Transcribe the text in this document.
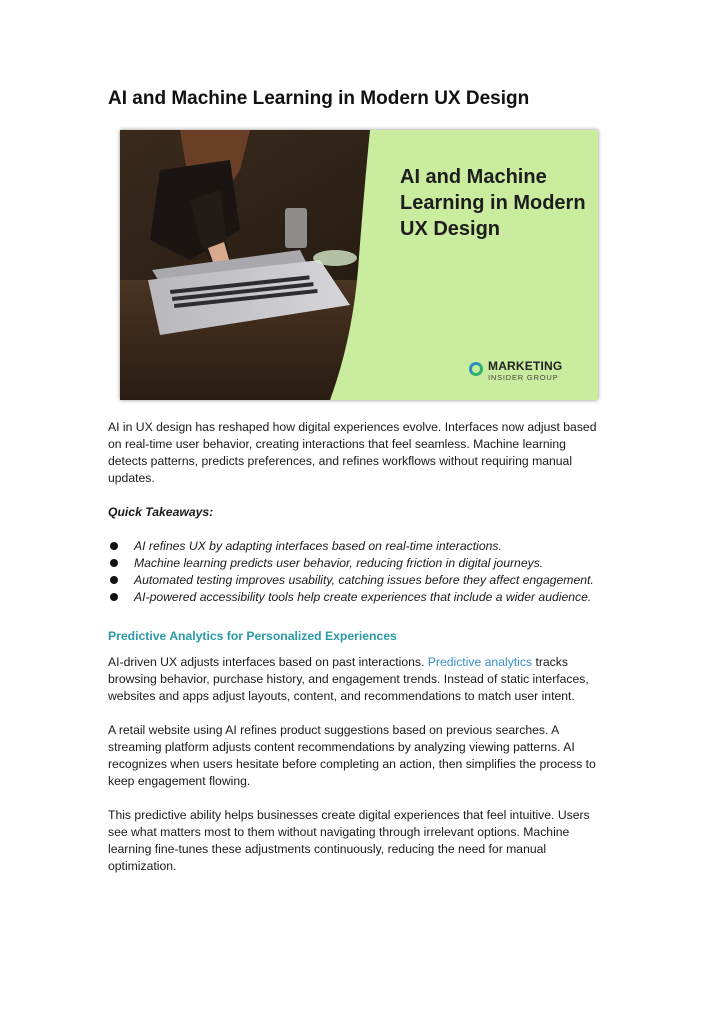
AI and Machine Learning in Modern UX Design
AI and Machine Learning in Modern UX Design
MARKETING
INSIDER GROUP

AI in UX design has reshaped how digital experiences evolve. Interfaces now adjust based on real-time user behavior, creating interactions that feel seamless. Machine learning detects patterns, predicts preferences, and refines workflows without requiring manual updates.

Quick Takeaways:

AI refines UX by adapting interfaces based on real-time interactions.
Machine learning predicts user behavior, reducing friction in digital journeys.
Automated testing improves usability, catching issues before they affect engagement.
AI-powered accessibility tools help create experiences that include a wider audience.

Predictive Analytics for Personalized Experiences

AI-driven UX adjusts interfaces based on past interactions. Predictive analytics tracks browsing behavior, purchase history, and engagement trends. Instead of static interfaces, websites and apps adjust layouts, content, and recommendations to match user intent.

A retail website using AI refines product suggestions based on previous searches. A streaming platform adjusts content recommendations by analyzing viewing patterns. AI recognizes when users hesitate before completing an action, then simplifies the process to keep engagement flowing.

This predictive ability helps businesses create digital experiences that feel intuitive. Users see what matters most to them without navigating through irrelevant options. Machine learning fine-tunes these adjustments continuously, reducing the need for manual optimization.
